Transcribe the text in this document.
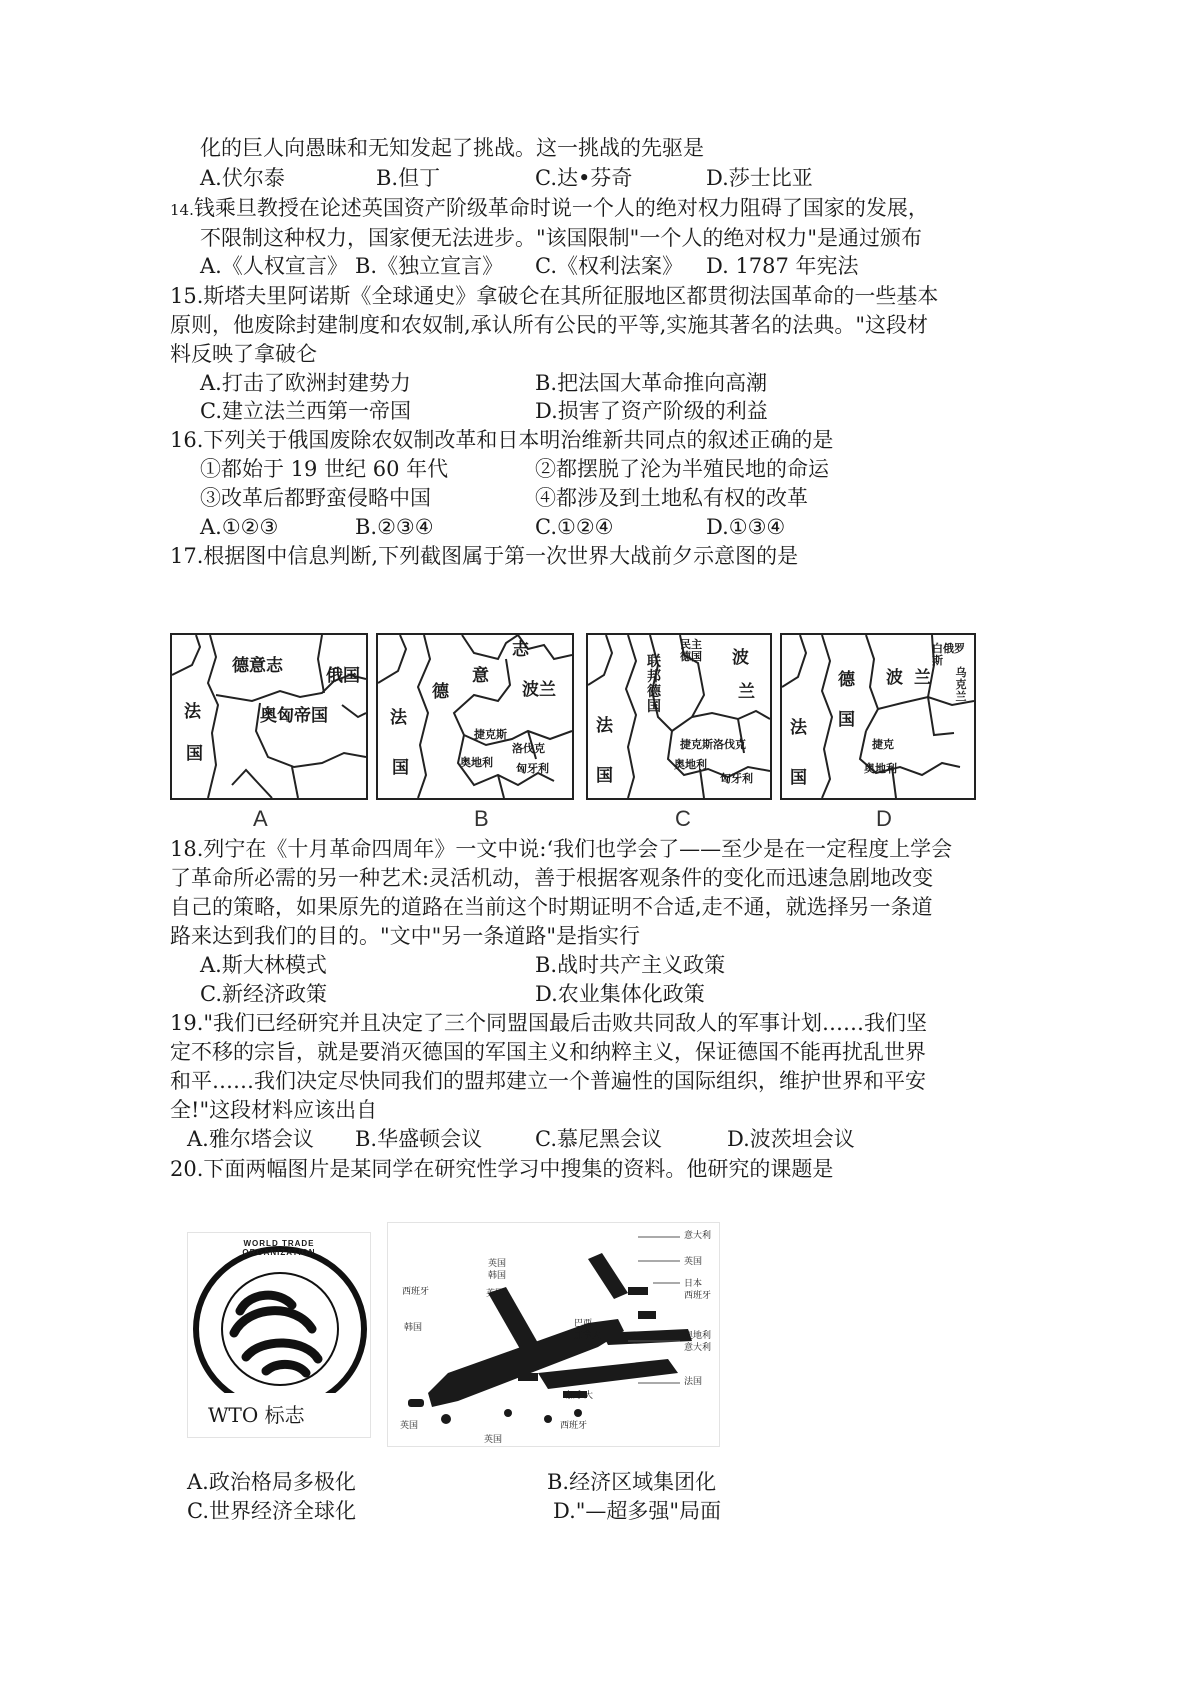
化的巨人向愚昧和无知发起了挑战。这一挑战的先驱是
A.伏尔泰	B.但丁	C.达•芬奇	D.莎士比亚
14.钱乘旦教授在论述英国资产阶级革命时说一个人的绝对权力阻碍了国家的发展，
不限制这种权力，国家便无法进步。"该国限制"一个人的绝对权力"是通过颁布
A.《人权宣言》 B.《独立宣言》 C.《权利法案》 D. 1787 年宪法
15.斯塔夫里阿诺斯《全球通史》拿破仑在其所征服地区都贯彻法国革命的一些基本
原则，他废除封建制度和农奴制,承认所有公民的平等,实施其著名的法典。"这段材
料反映了拿破仑
A.打击了欧洲封建势力	B.把法国大革命推向高潮
C.建立法兰西第一帝国	D.损害了资产阶级的利益
16.下列关于俄国废除农奴制改革和日本明治维新共同点的叙述正确的是
①都始于 19 世纪 60 年代	②都摆脱了沦为半殖民地的命运
③改革后都野蛮侵略中国	④都涉及到土地私有权的改革
A.①②③	B.②③④	C.①②④	D.①③④
17.根据图中信息判断,下列截图属于第一次世界大战前夕示意图的是
德意志	俄国
法
国
奥匈帝国
A
意
波兰
法
国
德
捷克斯
洛伐克
奥地利 匈牙利
志
B
民主德国
联邦德国
波
兰
法
国
捷克斯洛伐克
奥地利
匈牙利
C
白俄罗斯
乌克兰
德
国
波 兰
法
国
捷克
奥地利
D
18.列宁在《十月革命四周年》一文中说:‘我们也学会了——至少是在一定程度上学会
了革命所必需的另一种艺术:灵活机动，善于根据客观条件的变化而迅速急剧地改变
自己的策略，如果原先的道路在当前这个时期证明不合适,走不通，就选择另一条道
路来达到我们的目的。"文中"另一条道路"是指实行
A.斯大林模式	B.战时共产主义政策
C.新经济政策	D.农业集体化政策
19."我们已经研究并且决定了三个同盟国最后击败共同敌人的军事计划……我们坚
定不移的宗旨，就是要消灭德国的军国主义和纳粹主义，保证德国不能再扰乱世界
和平……我们决定尽快同我们的盟邦建立一个普遍性的国际组织，维护世界和平安
全!"这段材料应该出自
A.雅尔塔会议 B.华盛顿会议	C.慕尼黑会议	D.波茨坦会议
20.下面两幅图片是某同学在研究性学习中搜集的资料。他研究的课题是
WORLD TRADE ORGANIZATION
WTO 标志
意大利
英国
日本
西班牙
英国
韩国
英国
西班牙
韩国	巴西
加拿大	奥地利
意大利
法国
加拿大
西班牙
英国
英国
A.政治格局多极化	B.经济区域集团化
C.世界经济全球化	D."—超多强"局面
